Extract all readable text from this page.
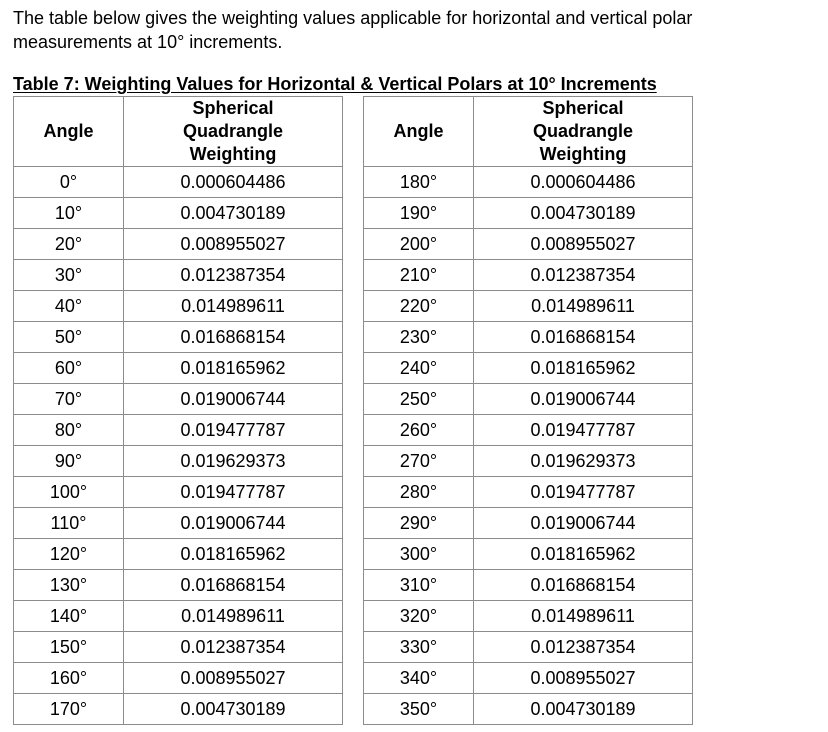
The table below gives the weighting values applicable for horizontal and vertical polar measurements at 10° increments.
Table 7: Weighting Values for Horizontal & Vertical Polars at 10° Increments
Angle	Spherical
Quadrangle
Weighting
0°	0.000604486
10°	0.004730189
20°	0.008955027
30°	0.012387354
40°	0.014989611
50°	0.016868154
60°	0.018165962
70°	0.019006744
80°	0.019477787
90°	0.019629373
100°	0.019477787
110°	0.019006744
120°	0.018165962
130°	0.016868154
140°	0.014989611
150°	0.012387354
160°	0.008955027
170°	0.004730189
Angle	Spherical
Quadrangle
Weighting
180°	0.000604486
190°	0.004730189
200°	0.008955027
210°	0.012387354
220°	0.014989611
230°	0.016868154
240°	0.018165962
250°	0.019006744
260°	0.019477787
270°	0.019629373
280°	0.019477787
290°	0.019006744
300°	0.018165962
310°	0.016868154
320°	0.014989611
330°	0.012387354
340°	0.008955027
350°	0.004730189
